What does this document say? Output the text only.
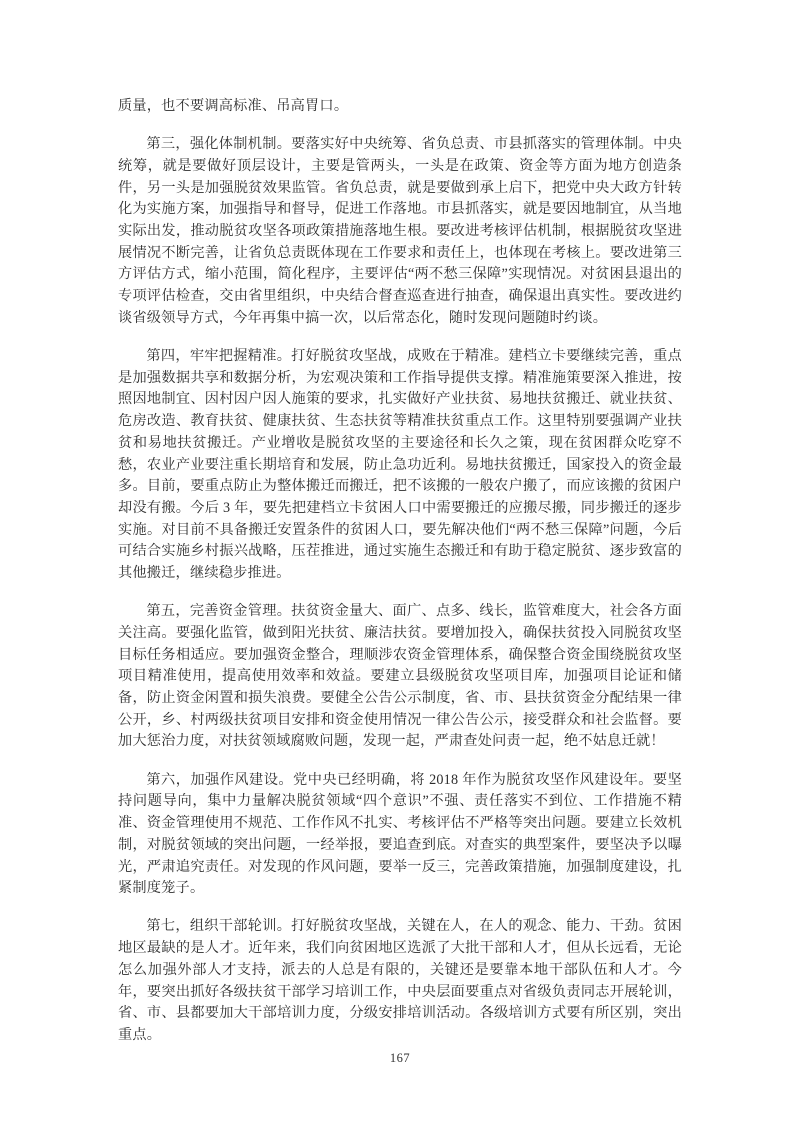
质量，也不要调高标准、吊高胃口。

第三，强化体制机制。要落实好中央统筹、省负总责、市县抓落实的管理体制。中央统筹，就是要做好顶层设计，主要是管两头，一头是在政策、资金等方面为地方创造条件，另一头是加强脱贫效果监管。省负总责，就是要做到承上启下，把党中央大政方针转化为实施方案，加强指导和督导，促进工作落地。市县抓落实，就是要因地制宜，从当地实际出发，推动脱贫攻坚各项政策措施落地生根。要改进考核评估机制，根据脱贫攻坚进展情况不断完善，让省负总责既体现在工作要求和责任上，也体现在考核上。要改进第三方评估方式，缩小范围，简化程序，主要评估“两不愁三保障”实现情况。对贫困县退出的专项评估检查，交由省里组织，中央结合督查巡查进行抽查，确保退出真实性。要改进约谈省级领导方式，今年再集中搞一次，以后常态化，随时发现问题随时约谈。

第四，牢牢把握精准。打好脱贫攻坚战，成败在于精准。建档立卡要继续完善，重点是加强数据共享和数据分析，为宏观决策和工作指导提供支撑。精准施策要深入推进，按照因地制宜、因村因户因人施策的要求，扎实做好产业扶贫、易地扶贫搬迁、就业扶贫、危房改造、教育扶贫、健康扶贫、生态扶贫等精准扶贫重点工作。这里特别要强调产业扶贫和易地扶贫搬迁。产业增收是脱贫攻坚的主要途径和长久之策，现在贫困群众吃穿不愁，农业产业要注重长期培育和发展，防止急功近利。易地扶贫搬迁，国家投入的资金最多。目前，要重点防止为整体搬迁而搬迁，把不该搬的一般农户搬了，而应该搬的贫困户却没有搬。今后 3 年，要先把建档立卡贫困人口中需要搬迁的应搬尽搬，同步搬迁的逐步实施。对目前不具备搬迁安置条件的贫困人口，要先解决他们“两不愁三保障”问题，今后可结合实施乡村振兴战略，压茬推进，通过实施生态搬迁和有助于稳定脱贫、逐步致富的其他搬迁，继续稳步推进。

第五，完善资金管理。扶贫资金量大、面广、点多、线长，监管难度大，社会各方面关注高。要强化监管，做到阳光扶贫、廉洁扶贫。要增加投入，确保扶贫投入同脱贫攻坚目标任务相适应。要加强资金整合，理顺涉农资金管理体系，确保整合资金围绕脱贫攻坚项目精准使用，提高使用效率和效益。要建立县级脱贫攻坚项目库，加强项目论证和储备，防止资金闲置和损失浪费。要健全公告公示制度，省、市、县扶贫资金分配结果一律公开，乡、村两级扶贫项目安排和资金使用情况一律公告公示，接受群众和社会监督。要加大惩治力度，对扶贫领域腐败问题，发现一起，严肃查处问责一起，绝不姑息迁就！

第六，加强作风建设。党中央已经明确，将 2018 年作为脱贫攻坚作风建设年。要坚持问题导向，集中力量解决脱贫领域“四个意识”不强、责任落实不到位、工作措施不精准、资金管理使用不规范、工作作风不扎实、考核评估不严格等突出问题。要建立长效机制，对脱贫领域的突出问题，一经举报，要追查到底。对查实的典型案件，要坚决予以曝光，严肃追究责任。对发现的作风问题，要举一反三，完善政策措施，加强制度建设，扎紧制度笼子。

第七，组织干部轮训。打好脱贫攻坚战，关键在人，在人的观念、能力、干劲。贫困地区最缺的是人才。近年来，我们向贫困地区选派了大批干部和人才，但从长远看，无论怎么加强外部人才支持，派去的人总是有限的，关键还是要靠本地干部队伍和人才。今年，要突出抓好各级扶贫干部学习培训工作，中央层面要重点对省级负责同志开展轮训，省、市、县都要加大干部培训力度，分级安排培训活动。各级培训方式要有所区别，突出重点。

167
